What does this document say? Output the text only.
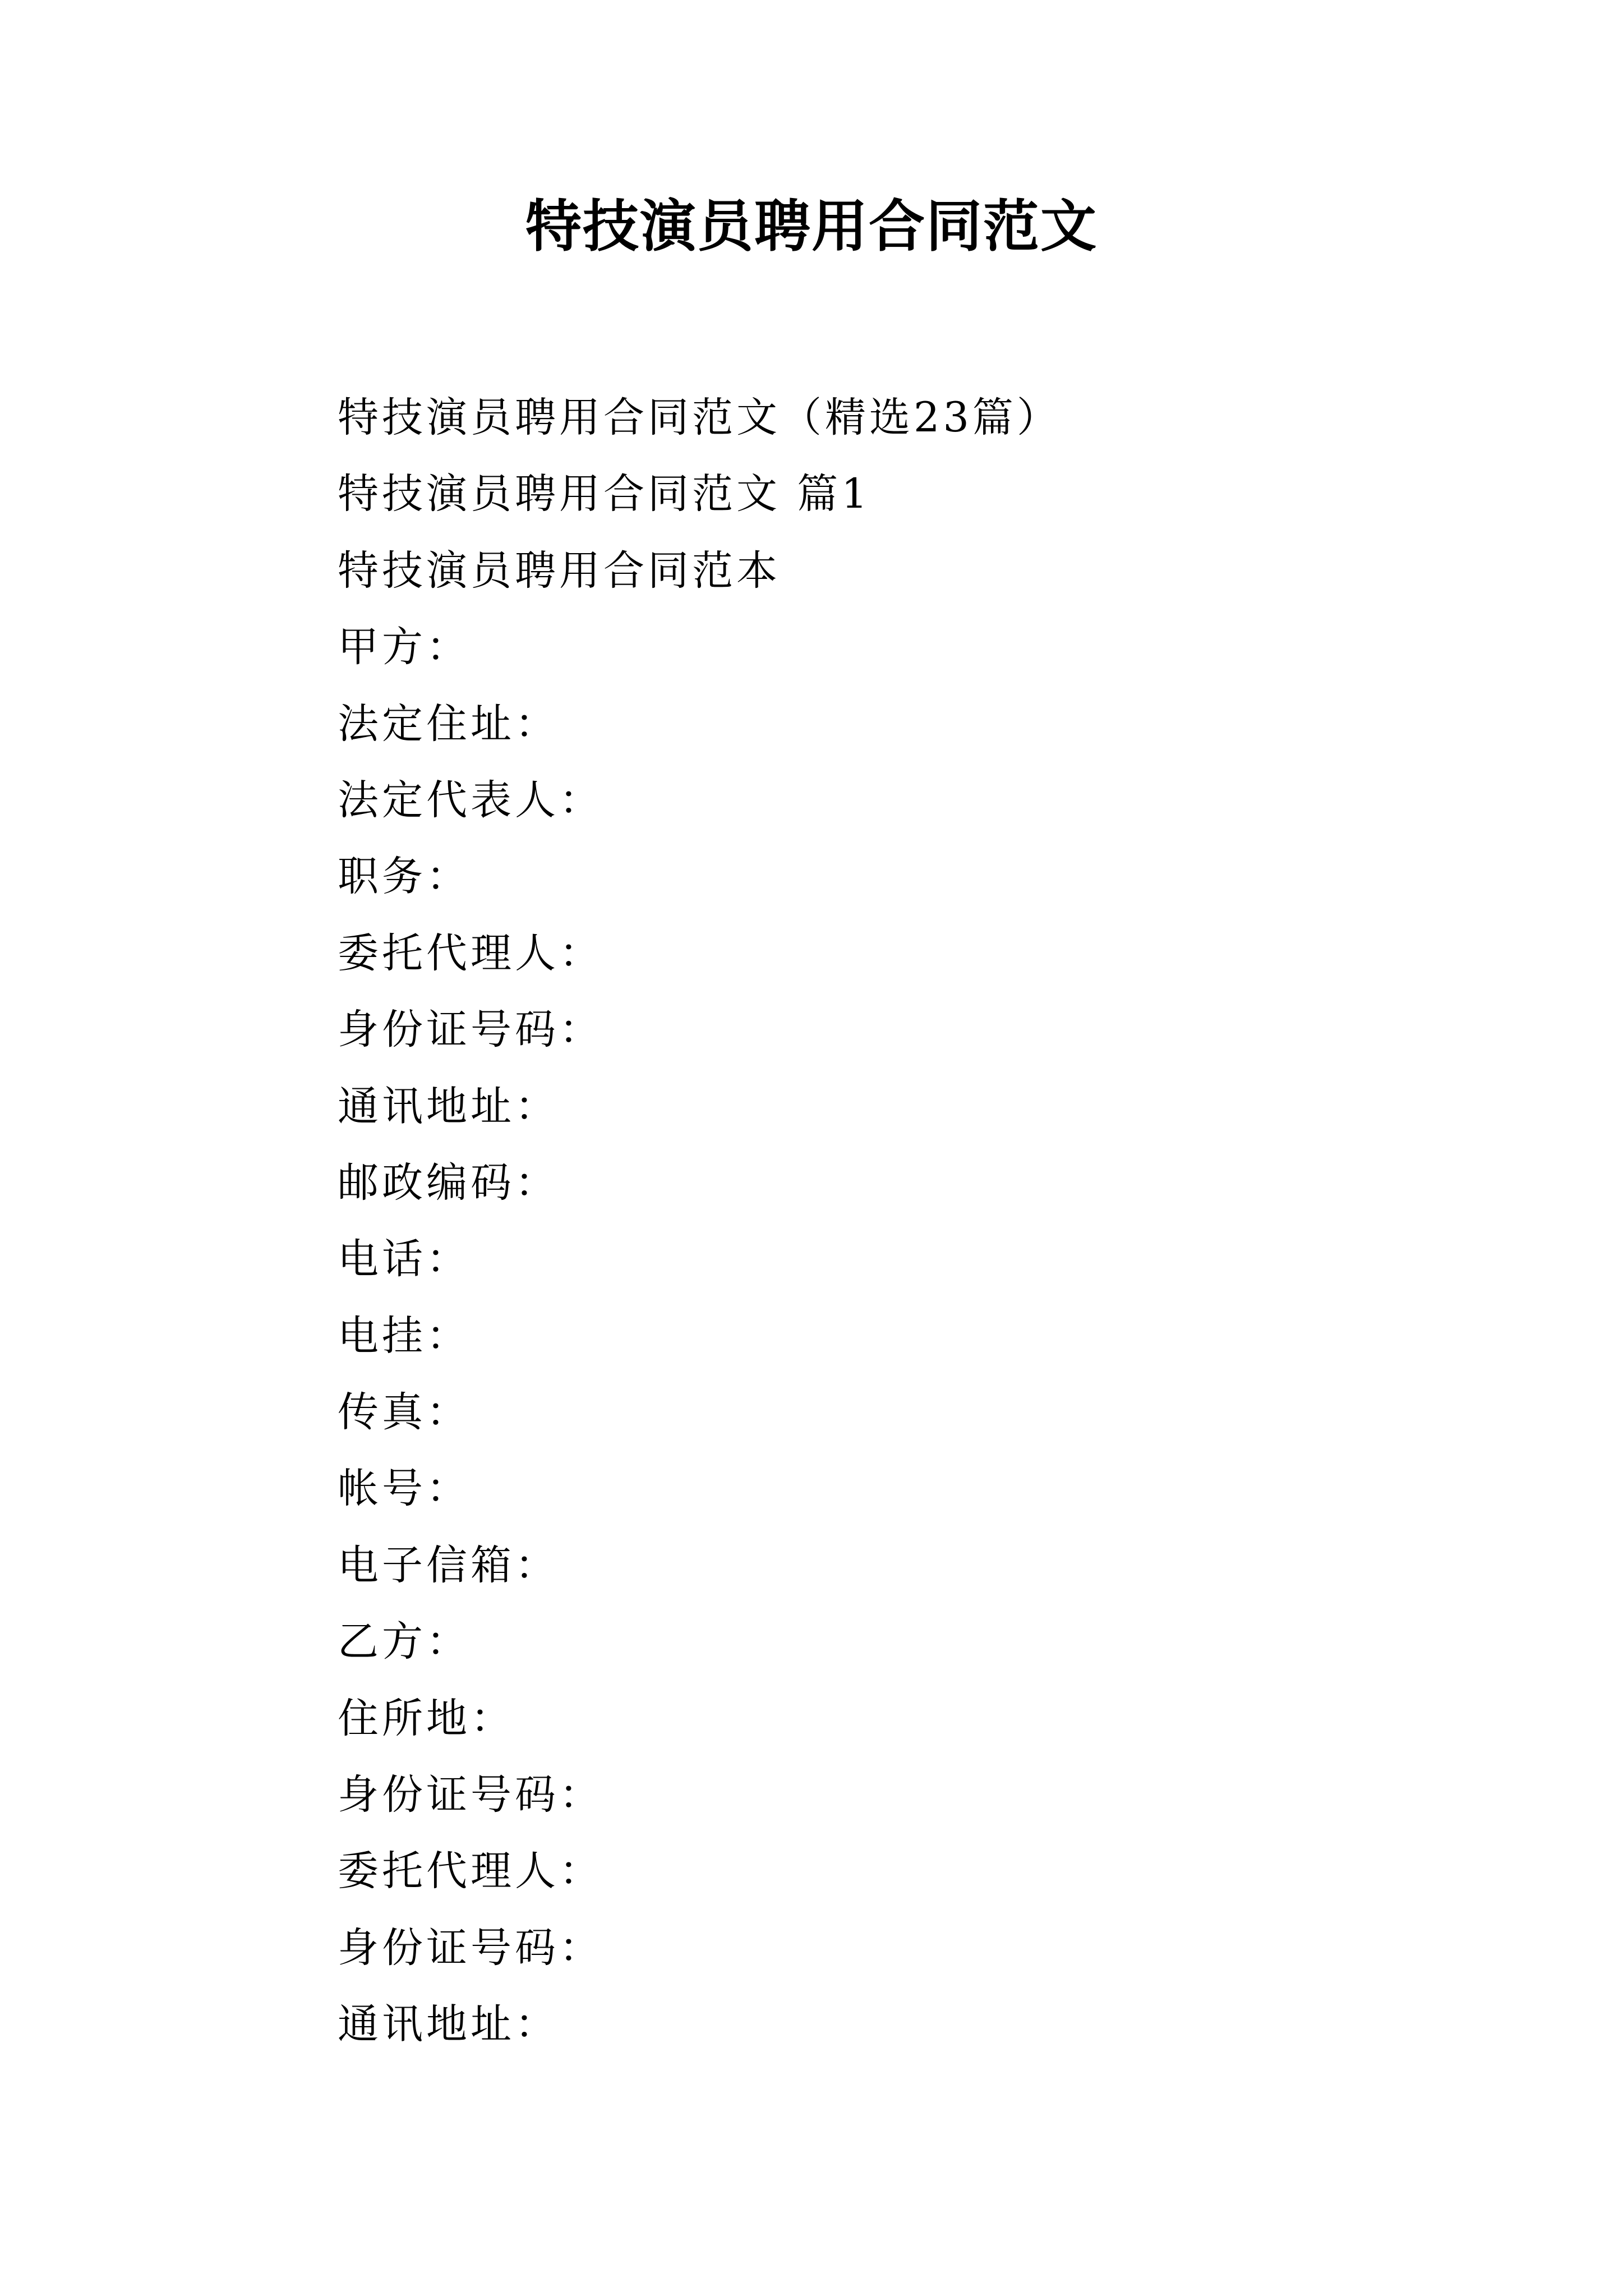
特技演员聘用合同范文
特技演员聘用合同范文（精选23篇）
特技演员聘用合同范文 篇1
特技演员聘用合同范本
甲方：
法定住址：
法定代表人：
职务：
委托代理人：
身份证号码：
通讯地址：
邮政编码：
电话：
电挂：
传真：
帐号：
电子信箱：
乙方：
住所地：
身份证号码：
委托代理人：
身份证号码：
通讯地址：
